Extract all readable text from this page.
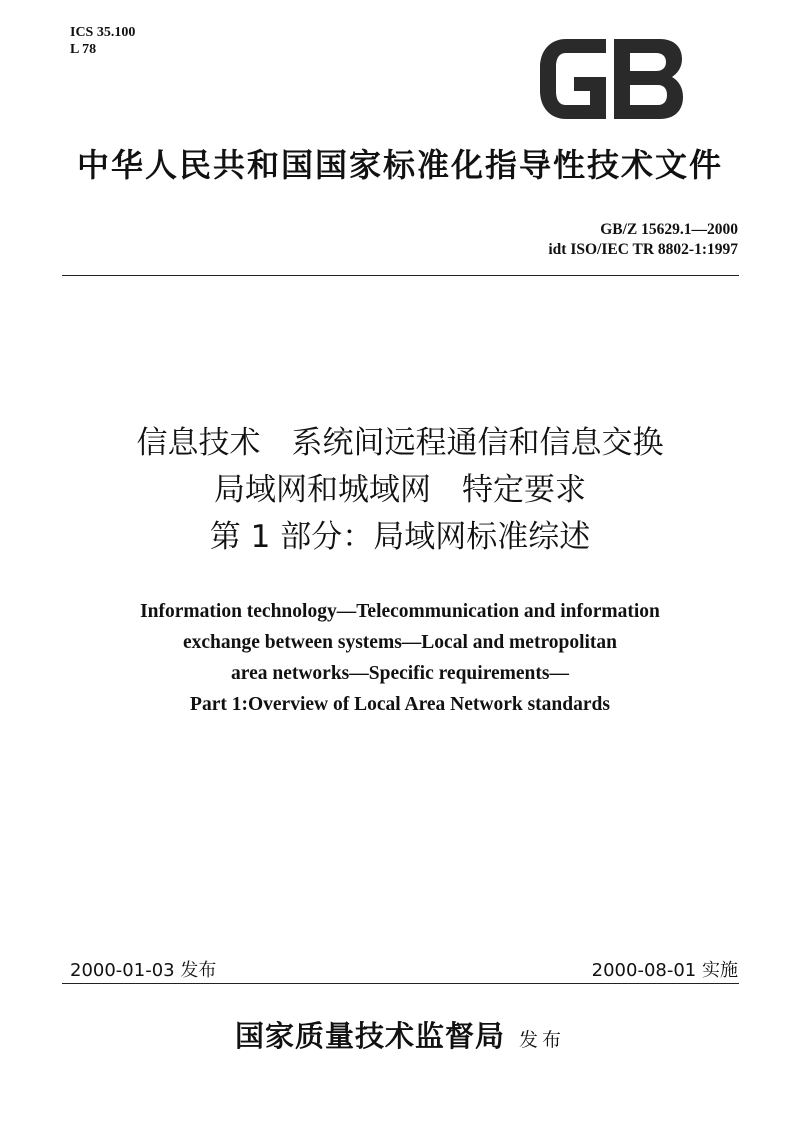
ICS 35.100
L 78
GB
中华人民共和国国家标准化指导性技术文件
GB/Z 15629.1—2000
idt ISO/IEC TR 8802-1:1997
信息技术　系统间远程通信和信息交换
局域网和城域网　特定要求
第 1 部分：局域网标准综述
Information technology—Telecommunication and information
exchange between systems—Local and metropolitan
area networks—Specific requirements—
Part 1:Overview of Local Area Network standards
2000-01-03 发布	2000-08-01 实施
国家质量技术监督局 发布
